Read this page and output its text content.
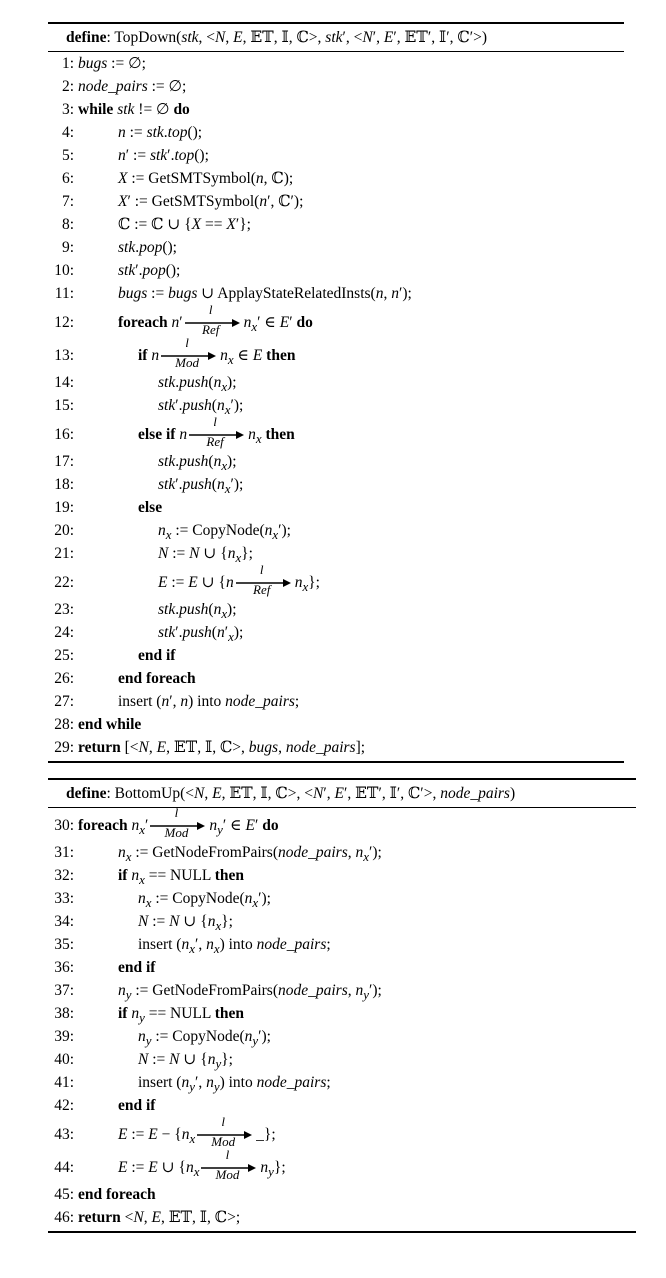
define: TopDown(stk, <N, E, 𝔼𝕋, 𝕀, ℂ>, stk′, <N′, E′, 𝔼𝕋′, 𝕀′, ℂ′>)
1: bugs := ∅;
2: node_pairs := ∅;
3: while stk != ∅ do
4:	n := stk.top();
5:	n′ := stk′.top();
6:	X := GetSMTSymbol(n, ℂ);
7:	X′ := GetSMTSymbol(n′, ℂ′);
8:	ℂ := ℂ ∪ {X == X′};
9:	stk.pop();
10:	stk′.pop();
11:	bugs := bugs ∪ ApplayStateRelatedInsts(n, n′);
12:	foreach n′
l
Ref	$n_x'$ ∈ E′ do
13:	if n
l
Mod	$n_x$ ∈ E then
14:	$stk.push(n_x)$;
15:	$stk'.push(n_x')$;
16:	else if n
l
Ref	$n_x$ then
17:	$stk.push(n_x)$;
18:	$stk'.push(n_x')$;
19:	else
20:	$n_x$ := $CopyNode(n_x')$;
21:	N := N ∪ $\{n_x\}$;
22:	E := E ∪ {n
l
Ref	$n_x$};
23:	$stk.push(n_x)$;
24:	$stk'.push(n'_x)$;
25:	end if
26:	end foreach
27:	insert (n′, n) into node_pairs;
28: end while
29: return [<N, E, 𝔼𝕋, 𝕀, ℂ>, bugs, node_pairs];
define: BottomUp(<N, E, 𝔼𝕋, 𝕀, ℂ>, <N′, E′, 𝔼𝕋′, 𝕀′, ℂ′>, node_pairs)
30: foreach $n_x'$
l
Mod	$n_y'$ ∈ E′ do
31:	$n_x$ := GetNodeFromPairs(node_pairs, $n_x'$);
32:	if $n_x$ == NULL then
33:	$n_x$ := $CopyNode(n_x')$;
34:	N := N ∪ $\{n_x\}$;
35:	insert ($n_x'$, $n_x$) into node_pairs;
36:	end if
37:	$n_y$ := GetNodeFromPairs(node_pairs, $n_y'$);
38:	if $n_y$ == NULL then
39:	$n_y$ := $CopyNode(n_y')$;
40:	N := N ∪ $\{n_y\}$;
41:	insert ($n_y'$, $n_y$) into node_pairs;
42:	end if
43:	E := $E - \{n_x$
l
Mod	_};
44:	E := E ∪ {$n_x$
l
Mod	$n_y$};
45: end foreach
46: return <N, E, 𝔼𝕋, 𝕀, ℂ>;
